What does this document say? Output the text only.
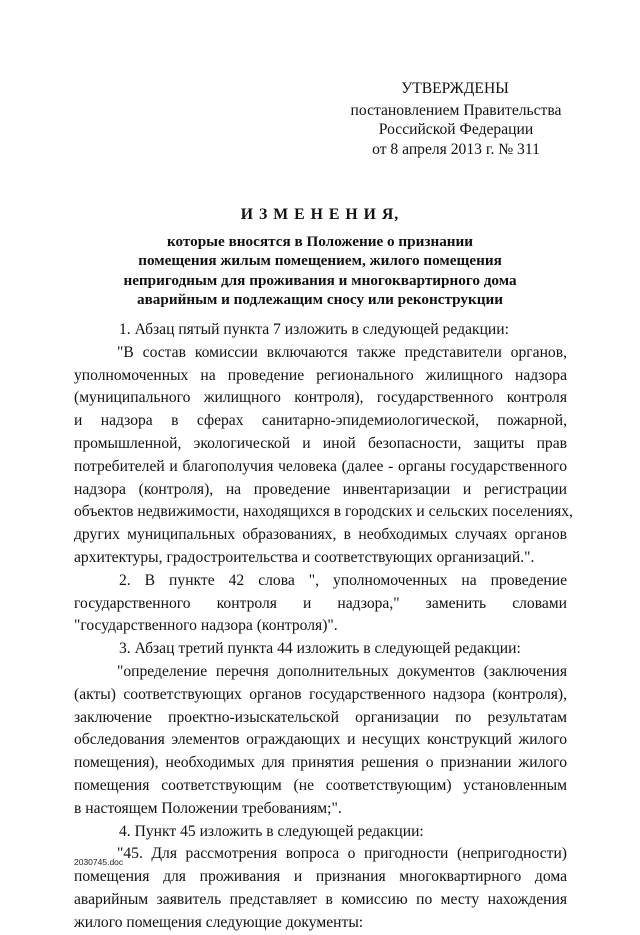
УТВЕРЖДЕНЫ
постановлением Правительства
Российской Федерации
от 8 апреля 2013 г. № 311
И З М Е Н Е Н И Я,
которые вносятся в Положение о признании
помещения жилым помещением, жилого помещения
непригодным для проживания и многоквартирного дома
аварийным и подлежащим сносу или реконструкции
1. Абзац пятый пункта 7 изложить в следующей редакции:
"В состав комиссии включаются также представители органов,
уполномоченных на проведение регионального жилищного надзора
(муниципального жилищного контроля), государственного контроля
и надзора в сферах санитарно-эпидемиологической, пожарной,
промышленной, экологической и иной безопасности, защиты прав
потребителей и благополучия человека (далее - органы государственного
надзора (контроля), на проведение инвентаризации и регистрации
объектов недвижимости, находящихся в городских и сельских поселениях,
других муниципальных образованиях, в необходимых случаях органов
архитектуры, градостроительства и соответствующих организаций.".
2. В пункте 42 слова ", уполномоченных на проведение
государственного контроля и надзора," заменить словами
"государственного надзора (контроля)".
3. Абзац третий пункта 44 изложить в следующей редакции:
"определение перечня дополнительных документов (заключения
(акты) соответствующих органов государственного надзора (контроля),
заключение проектно-изыскательской организации по результатам
обследования элементов ограждающих и несущих конструкций жилого
помещения), необходимых для принятия решения о признании жилого
помещения соответствующим (не соответствующим) установленным
в настоящем Положении требованиям;".
4. Пункт 45 изложить в следующей редакции:
"45. Для рассмотрения вопроса о пригодности (непригодности)
помещения для проживания и признания многоквартирного дома
аварийным заявитель представляет в комиссию по месту нахождения
жилого помещения следующие документы:
2030745.doc
